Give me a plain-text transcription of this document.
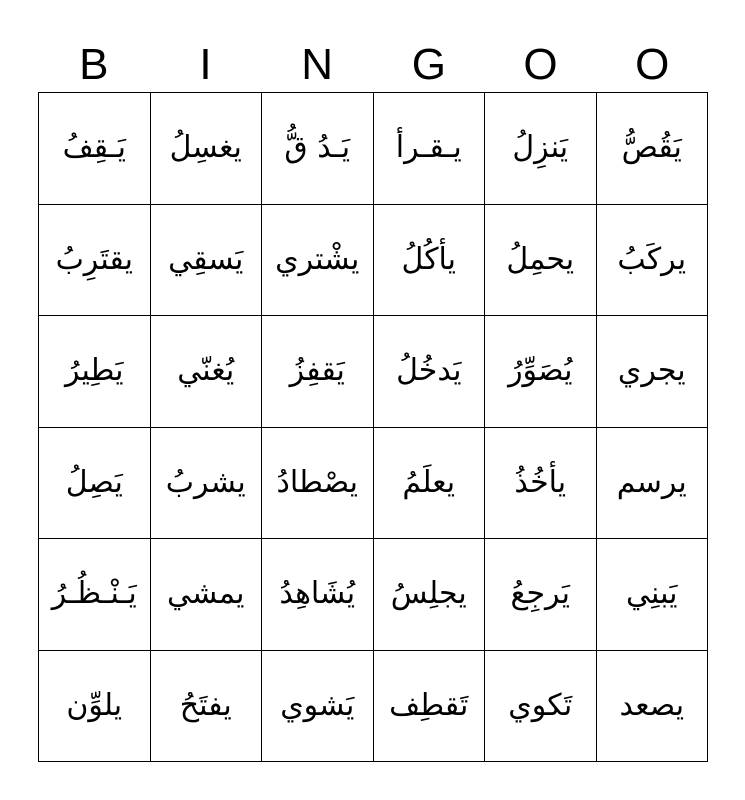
B	I	N	G	O	O
يَـقِفُ يغسِلُ يَـدُ قُّ يـقـرأ يَنزِلُ يَقُصُّ
يقتَرِبُ يَسقِي يشْتري يأكُلُ يحمِلُ يركَبُ
يَطِيرُ يُغنّي يَقفِزُ يَدخُلُ يُصَوِّرُ يجري
يَصِلُ يشربُ يصْطادُ يعلَمُ يأخُذُ يرسم
يَـنْـظُـرُ يمشي يُشَاهِدُ يجلِسُ يَرجِعُ يَبنِي
يلوِّن يفتَحُ يَشوي تَقطِف تَكوي يصعد
